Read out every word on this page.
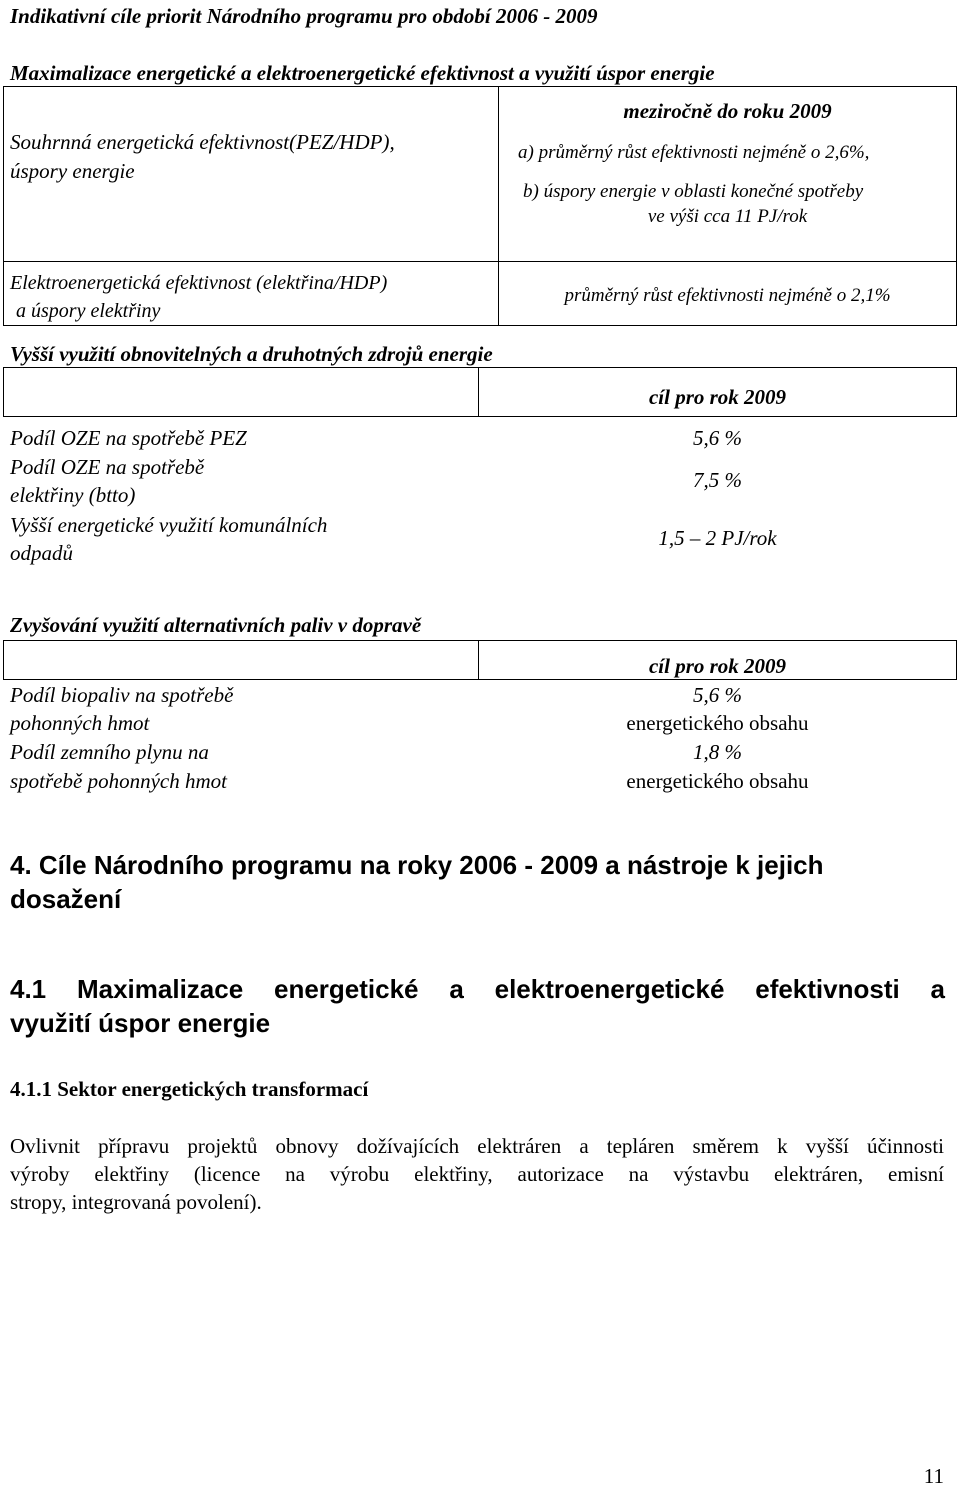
Indikativní cíle priorit Národního programu pro období 2006 - 2009
Maximalizace energetické a elektroenergetické efektivnost a využití úspor energie
meziročně do roku 2009
Souhrnná energetická efektivnost(PEZ/HDP),
úspory energie
a) průměrný růst efektivnosti nejméně o 2,6%,
b) úspory energie v oblasti konečné spotřeby
ve výši cca 11 PJ/rok
Elektroenergetická efektivnost (elektřina/HDP)
a úspory elektřiny
průměrný růst efektivnosti nejméně o 2,1%
Vyšší využití obnovitelných a druhotných zdrojů energie
cíl pro rok 2009
Podíl OZE na spotřebě PEZ	5,6 %
Podíl OZE na spotřebě
elektřiny (btto)
7,5 %
Vyšší energetické využití komunálních
odpadů
1,5 – 2 PJ/rok
Zvyšování využití alternativních paliv v dopravě
cíl pro rok 2009
Podíl biopaliv na spotřebě
pohonných hmot
5,6 %
energetického obsahu
Podíl zemního plynu na
spotřebě pohonných hmot
1,8 %
energetického obsahu
4. Cíle Národního programu na roky 2006 - 2009 a nástroje k jejich
dosažení
4.1 Maximalizace energetické a elektroenergetické efektivnosti a
využití úspor energie
4.1.1 Sektor energetických transformací
Ovlivnit přípravu projektů obnovy dožívajících elektráren a tepláren směrem k vyšší účinnosti
výroby elektřiny (licence na výrobu elektřiny, autorizace na výstavbu elektráren, emisní
stropy, integrovaná povolení).
11
